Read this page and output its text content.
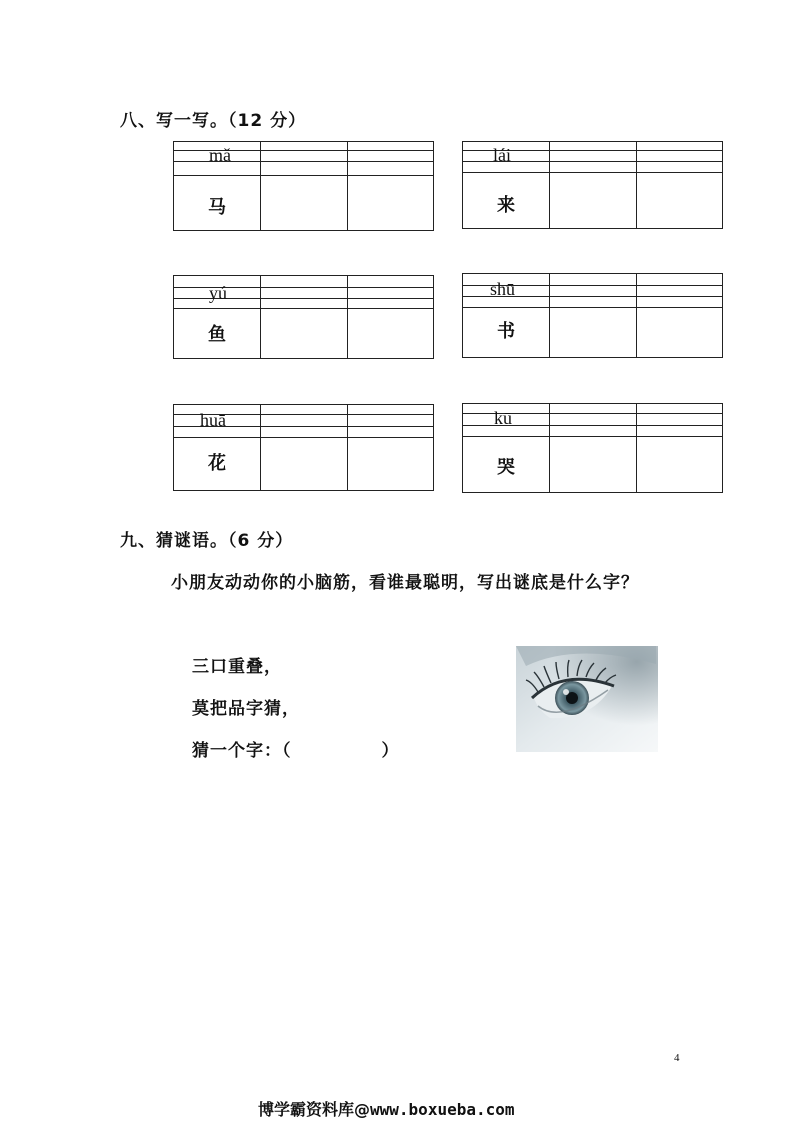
八、写一写。（12 分）
mǎ
马
lái
来
yú
鱼
shū
书
huā
花
kū
哭
九、猜谜语。（6 分）
小朋友动动你的小脑筋，看谁最聪明，写出谜底是什么字？
三口重叠，
莫把品字猜，
猜一个字：（　　　　　）
4
博学霸资料库@www.boxueba.com
